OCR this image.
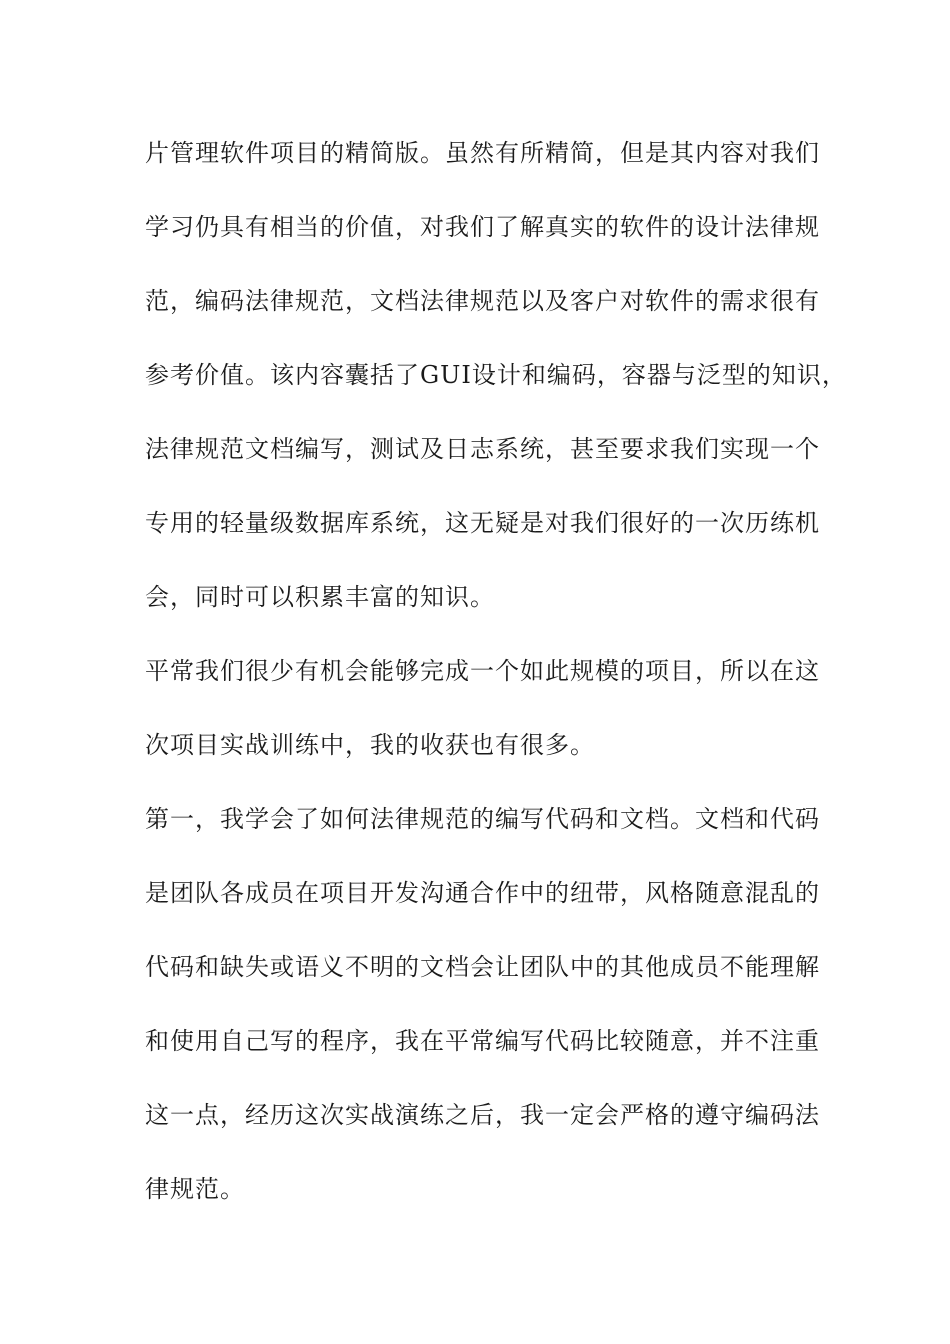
片管理软件项目的精简版。虽然有所精简，但是其内容对我们
学习仍具有相当的价值，对我们了解真实的软件的设计法律规
范，编码法律规范，文档法律规范以及客户对软件的需求很有
参考价值。该内容囊括了GUI设计和编码，容器与泛型的知识，
法律规范文档编写，测试及日志系统，甚至要求我们实现一个
专用的轻量级数据库系统，这无疑是对我们很好的一次历练机
会，同时可以积累丰富的知识。
平常我们很少有机会能够完成一个如此规模的项目，所以在这
次项目实战训练中，我的收获也有很多。
第一，我学会了如何法律规范的编写代码和文档。文档和代码
是团队各成员在项目开发沟通合作中的纽带，风格随意混乱的
代码和缺失或语义不明的文档会让团队中的其他成员不能理解
和使用自己写的程序，我在平常编写代码比较随意，并不注重
这一点，经历这次实战演练之后，我一定会严格的遵守编码法
律规范。
